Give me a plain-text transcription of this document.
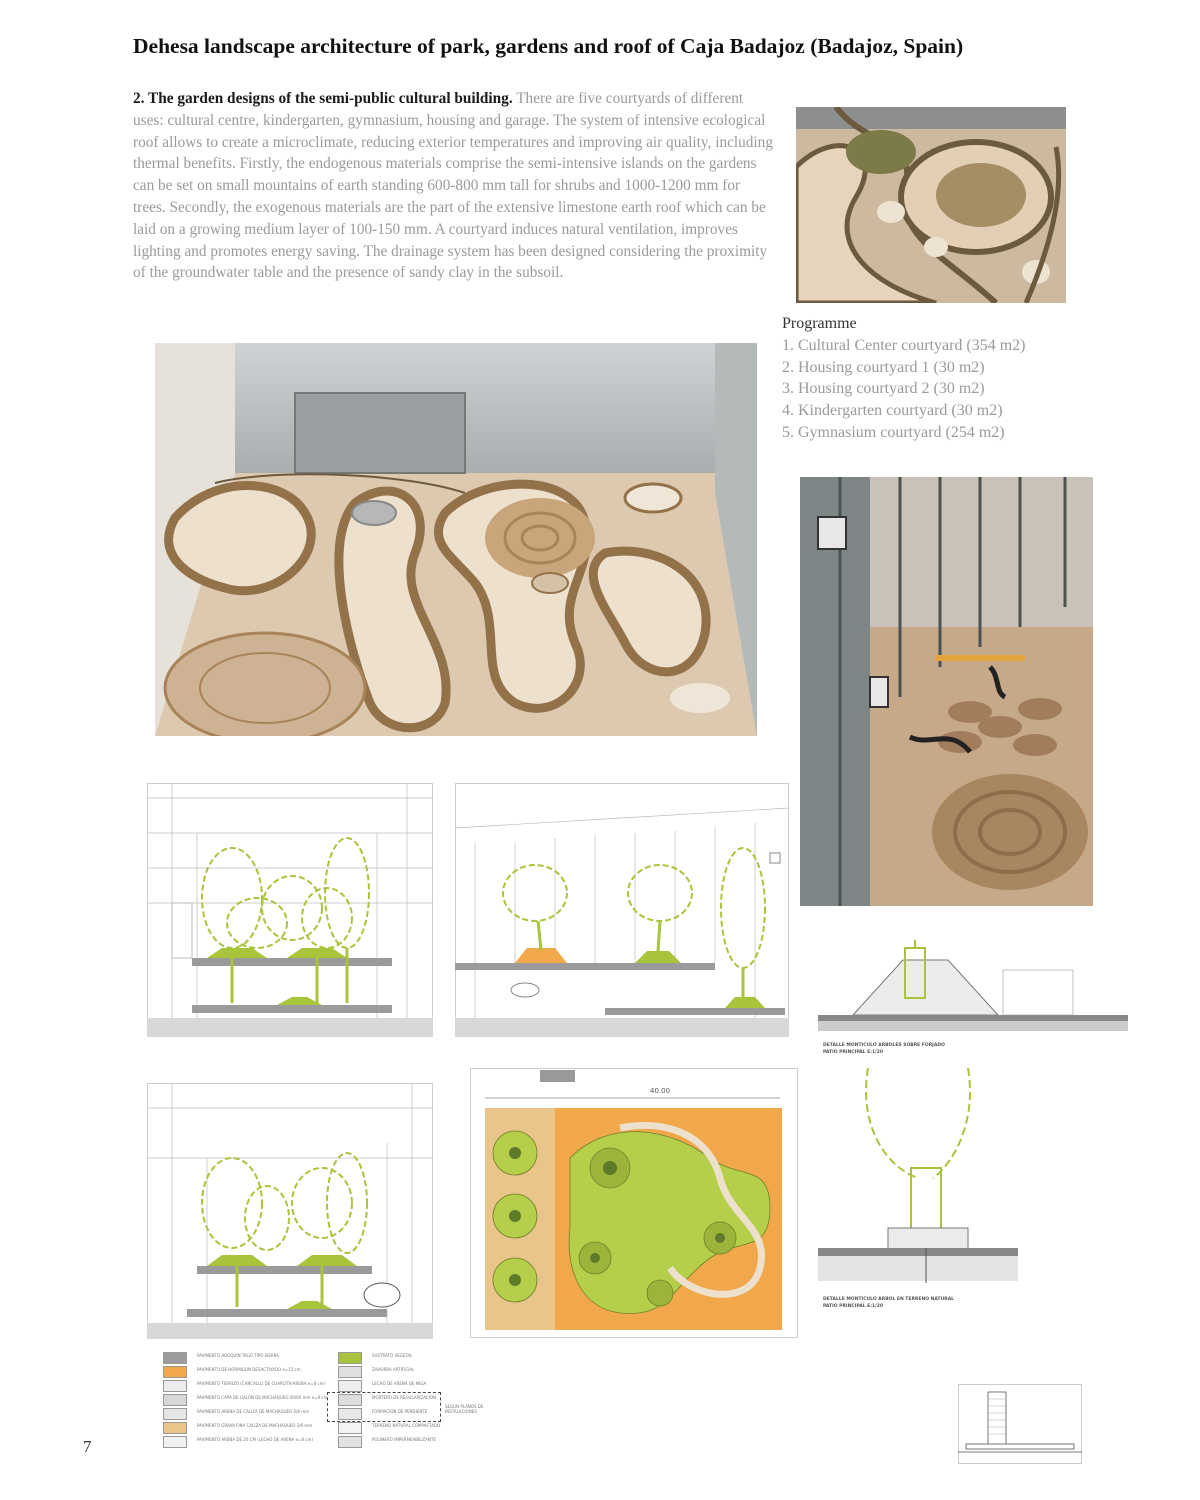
Dehesa landscape architecture of park, gardens and roof of Caja Badajoz (Badajoz, Spain)
2. The garden designs of the semi-public cultural building. There are five courtyards of different uses: cultural centre, kindergarten, gymnasium, housing and garage. The system of intensive ecological roof allows to create a microclimate, reducing exterior temperatures and improving air quality, including thermal benefits. Firstly, the endogenous materials comprise the semi-intensive islands on the gardens can be set on small mountains of earth standing 600-800 mm tall for shrubs and 1000-1200 mm for trees. Secondly, the exogenous materials are the part of the extensive limestone earth roof which can be laid on a growing medium layer of 100-150 mm. A courtyard induces natural ventilation, improves lighting and promotes energy saving. The drainage system has been designed considering the proximity of the groundwater table and the presence of sandy clay in the subsoil.
Programme
1. Cultural Center courtyard (354 m2)
2. Housing courtyard 1 (30 m2)
3. Housing courtyard 2 (30 m2)
4. Kindergarten courtyard (30 m2)
5. Gymnasium courtyard (254 m2)
40.00
DETALLE MONTICULO ARBOLES SOBRE FORJADO
PATIO PRINCIPAL E:1/20
DETALLE MONTICULO ARBOL EN TERRENO NATURAL
PATIO PRINCIPAL E:1/20
PAVIMENTO ADOQUIN TAGO TIPO SIERRA
PAVIMENTO DE HORMIGON DESACTIVADO e=15 cm
PAVIMENTO TERRIZO (CANCALLO DE CUARCITA/ARENA e=8 cm)
PAVIMENTO CAPA DE GALON DE MACHAQUEO 40/60 mm e=8 cm
PAVIMENTO ARENA DE CALIZA DE MACHAQUEO 6/8 mm
PAVIMENTO GRAVA FINA CALIZA DE MACHAQUEO 3/6 mm
PAVIMENTO ARENA DE 20 CM (LECHO DE ARENA e=8 cm)
SUSTRATO VEGETAL
ZAHORRA ARTIFICIAL
LECHO DE ARENA DE MIGA
MORTERO DE REGULARIZACION
FORMACION DE PENDIENTE
TERRENO NATURAL COMPACTADO
POLIMERO IMPERMEABILIZANTE
SEGUN PLANOS DE INSTALACIONES
7
